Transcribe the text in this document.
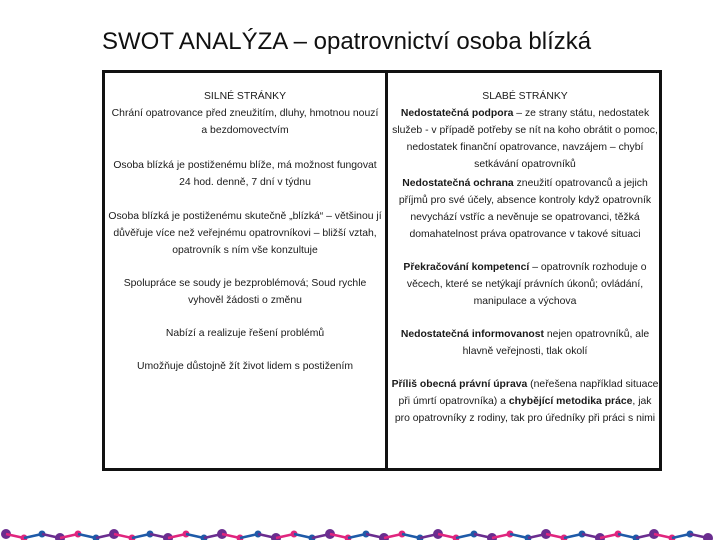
SWOT ANALÝZA – opatrovnictví osoba blízká

SILNÉ STRÁNKY

Chrání opatrovance před zneužitím, dluhy, hmotnou nouzí a bezdomovectvím

Osoba blízká je postiženému blíže, má možnost fungovat 24 hod. denně, 7 dní v týdnu

Osoba blízká je postiženému skutečně „blízká“ – většinou jí důvěřuje více než veřejnému opatrovníkovi – bližší vztah, opatrovník s ním vše konzultuje

Spolupráce se soudy je bezproblémová; Soud rychle vyhověl žádosti o změnu

Nabízí a realizuje řešení problémů

Umožňuje důstojně žít život lidem s postižením

SLABÉ STRÁNKY

Nedostatečná podpora – ze strany státu, nedostatek služeb - v případě potřeby se nít na koho obrátit o pomoc, nedostatek finanční opatrovance, navzájem – chybí setkávání opatrovníků

Nedostatečná ochrana zneužití opatrovanců a jejich příjmů pro své účely, absence kontroly když opatrovník nevychází vstříc a nevěnuje se opatrovanci, těžká domahatelnost práva opatrovance v takové situaci

Překračování kompetencí – opatrovník rozhoduje o věcech, které se netýkají právních úkonů; ovládání, manipulace a výchova

Nedostatečná informovanost nejen opatrovníků, ale hlavně veřejnosti, tlak okolí

Příliš obecná právní úprava (neřešena například situace při úmrtí opatrovníka) a chybějící metodika práce, jak pro opatrovníky z rodiny, tak pro úředníky při práci s nimi
